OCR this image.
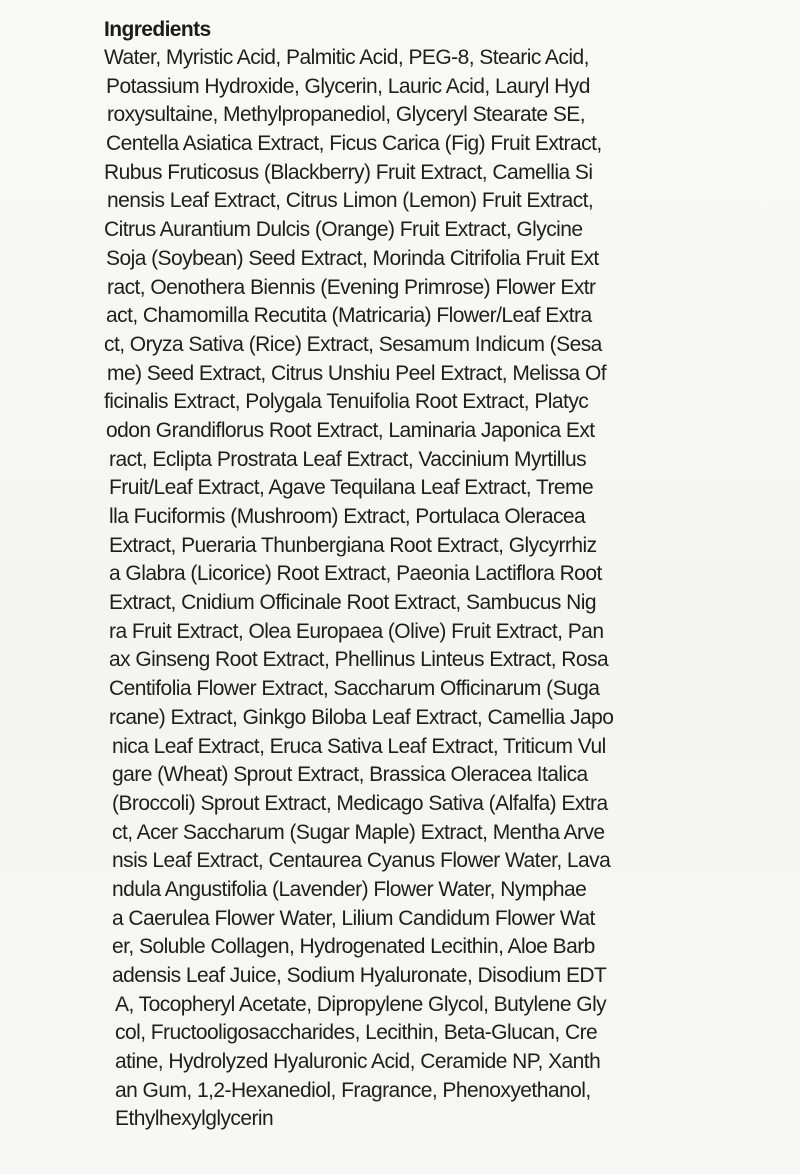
Ingredients

Water, Myristic Acid, Palmitic Acid, PEG-8, Stearic Acid,
Potassium Hydroxide, Glycerin, Lauric Acid, Lauryl Hyd
roxysultaine, Methylpropanediol, Glyceryl Stearate SE,
Centella Asiatica Extract, Ficus Carica (Fig) Fruit Extract,
Rubus Fruticosus (Blackberry) Fruit Extract, Camellia Si
nensis Leaf Extract, Citrus Limon (Lemon) Fruit Extract,
Citrus Aurantium Dulcis (Orange) Fruit Extract, Glycine
Soja (Soybean) Seed Extract, Morinda Citrifolia Fruit Ext
ract, Oenothera Biennis (Evening Primrose) Flower Extr
act, Chamomilla Recutita (Matricaria) Flower/Leaf Extra
ct, Oryza Sativa (Rice) Extract, Sesamum Indicum (Sesa
me) Seed Extract, Citrus Unshiu Peel Extract, Melissa Of
ficinalis Extract, Polygala Tenuifolia Root Extract, Platyc
odon Grandiflorus Root Extract, Laminaria Japonica Ext
ract, Eclipta Prostrata Leaf Extract, Vaccinium Myrtillus
Fruit/Leaf Extract, Agave Tequilana Leaf Extract, Treme
lla Fuciformis (Mushroom) Extract, Portulaca Oleracea
Extract, Pueraria Thunbergiana Root Extract, Glycyrrhiz
a Glabra (Licorice) Root Extract, Paeonia Lactiflora Root
Extract, Cnidium Officinale Root Extract, Sambucus Nig
ra Fruit Extract, Olea Europaea (Olive) Fruit Extract, Pan
ax Ginseng Root Extract, Phellinus Linteus Extract, Rosa
Centifolia Flower Extract, Saccharum Officinarum (Suga
rcane) Extract, Ginkgo Biloba Leaf Extract, Camellia Japo
nica Leaf Extract, Eruca Sativa Leaf Extract, Triticum Vul
gare (Wheat) Sprout Extract, Brassica Oleracea Italica
(Broccoli) Sprout Extract, Medicago Sativa (Alfalfa) Extra
ct, Acer Saccharum (Sugar Maple) Extract, Mentha Arve
nsis Leaf Extract, Centaurea Cyanus Flower Water, Lava
ndula Angustifolia (Lavender) Flower Water, Nymphae
a Caerulea Flower Water, Lilium Candidum Flower Wat
er, Soluble Collagen, Hydrogenated Lecithin, Aloe Barb
adensis Leaf Juice, Sodium Hyaluronate, Disodium EDT
A, Tocopheryl Acetate, Dipropylene Glycol, Butylene Gly
col, Fructooligosaccharides, Lecithin, Beta-Glucan, Cre
atine, Hydrolyzed Hyaluronic Acid, Ceramide NP, Xanth
an Gum, 1,2-Hexanediol, Fragrance, Phenoxyethanol,
Ethylhexylglycerin
